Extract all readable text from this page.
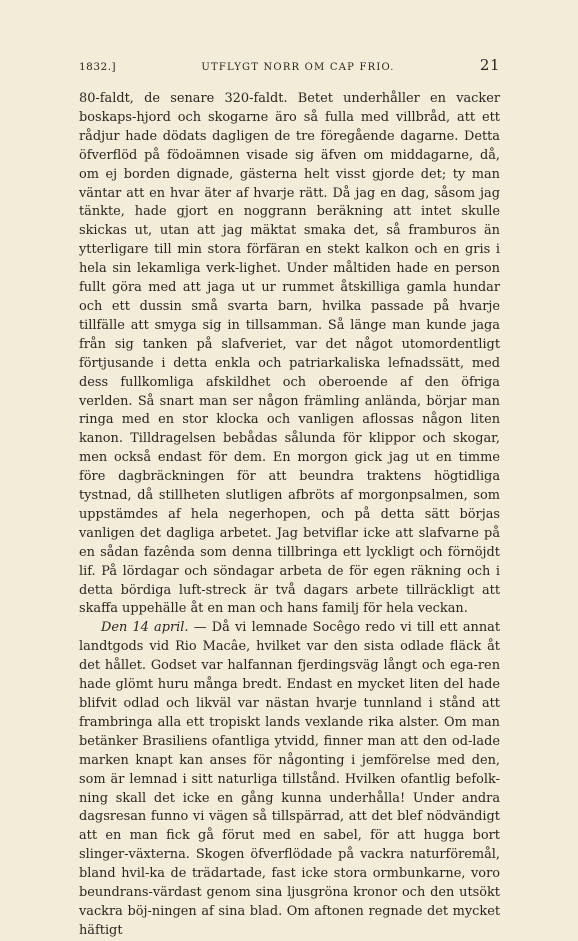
1832.]	UTFLYGT NORR OM CAP FRIO.	21

80-faldt, de senare 320-faldt. Betet underhåller en vacker boskaps-hjord och skogarne äro så fulla med villbråd, att ett rådjur hade dödats dagligen de tre föregående dagarne. Detta öfverflöd på födoämnen visade sig äfven om middagarne, då, om ej borden dignade, gästerna helt visst gjorde det; ty man väntar att en hvar äter af hvarje rätt. Då jag en dag, såsom jag tänkte, hade gjort en noggrann beräkning att intet skulle skickas ut, utan att jag mäktat smaka det, så framburos än ytterligare till min stora förfäran en stekt kalkon och en gris i hela sin lekamliga verk-lighet. Under måltiden hade en person fullt göra med att jaga ut ur rummet åtskilliga gamla hundar och ett dussin små svarta barn, hvilka passade på hvarje tillfälle att smyga sig in tillsamman. Så länge man kunde jaga från sig tanken på slafveriet, var det något utomordentligt förtjusande i detta enkla och patriarkaliska lefnadssätt, med dess fullkomliga afskildhet och oberoende af den öfriga verlden. Så snart man ser någon främling anlända, börjar man ringa med en stor klocka och vanligen aflossas någon liten kanon. Tilldragelsen bebådas sålunda för klippor och skogar, men också endast för dem. En morgon gick jag ut en timme före dagbräckningen för att beundra traktens högtidliga tystnad, då stillheten slutligen afbröts af morgonpsalmen, som uppstämdes af hela negerhopen, och på detta sätt börjas vanligen det dagliga arbetet. Jag betviflar icke att slafvarne på en sådan fazênda som denna tillbringa ett lyckligt och förnöjdt lif. På lördagar och söndagar arbeta de för egen räkning och i detta bördiga luft-streck är två dagars arbete tillräckligt att skaffa uppehälle åt en man och hans familj för hela veckan.

Den 14 april. — Då vi lemnade Socêgo redo vi till ett annat landtgods vid Rio Macâe, hvilket var den sista odlade fläck åt det hållet. Godset var halfannan fjerdingsväg långt och ega-ren hade glömt huru många bredt. Endast en mycket liten del hade blifvit odlad och likväl var nästan hvarje tunnland i stånd att frambringa alla ett tropiskt lands vexlande rika alster. Om man betänker Brasiliens ofantliga ytvidd, finner man att den od-lade marken knapt kan anses för någonting i jemförelse med den, som är lemnad i sitt naturliga tillstånd. Hvilken ofantlig befolk-ning skall det icke en gång kunna underhålla! Under andra dagsresan funno vi vägen så tillspärrad, att det blef nödvändigt att en man fick gå förut med en sabel, för att hugga bort slinger-växterna. Skogen öfverflödade på vackra naturföremål, bland hvil-ka de trädartade, fast icke stora ormbunkarne, voro beundrans-värdast genom sina ljusgröna kronor och den utsökt vackra böj-ningen af sina blad. Om aftonen regnade det mycket häftigt
